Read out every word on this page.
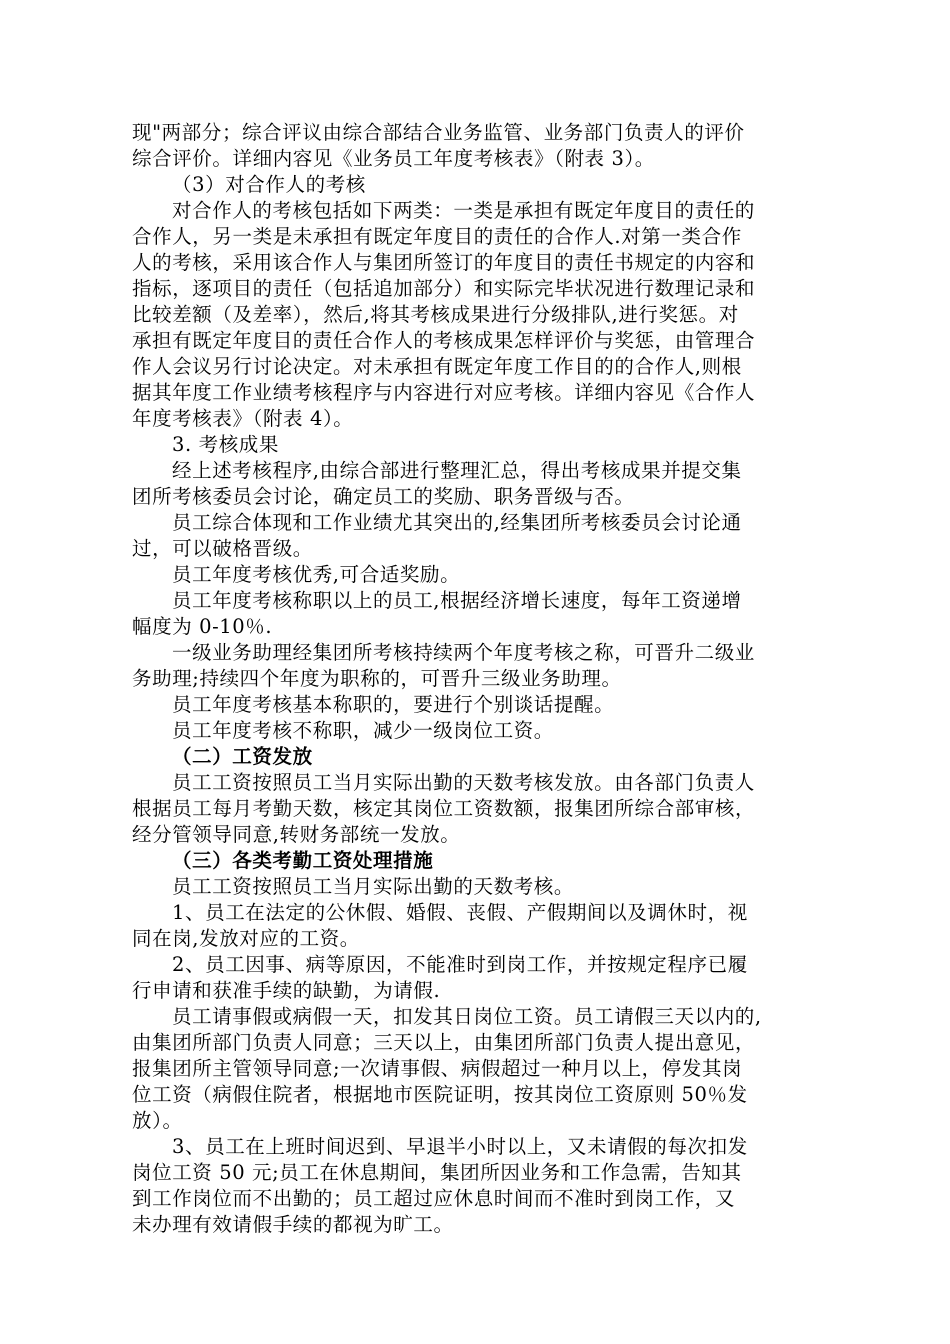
现"两部分；综合评议由综合部结合业务监管、业务部门负责人的评价
综合评价。详细内容见《业务员工年度考核表》（附表 3）。
（3）对合作人的考核
对合作人的考核包括如下两类：一类是承担有既定年度目的责任的
合作人，另一类是未承担有既定年度目的责任的合作人.对第一类合作
人的考核，采用该合作人与集团所签订的年度目的责任书规定的内容和
指标，逐项目的责任（包括追加部分）和实际完毕状况进行数理记录和
比较差额（及差率），然后,将其考核成果进行分级排队,进行奖惩。对
承担有既定年度目的责任合作人的考核成果怎样评价与奖惩，由管理合
作人会议另行讨论决定。对未承担有既定年度工作目的的合作人,则根
据其年度工作业绩考核程序与内容进行对应考核。详细内容见《合作人
年度考核表》（附表 4）。
3. 考核成果
经上述考核程序,由综合部进行整理汇总，得出考核成果并提交集
团所考核委员会讨论，确定员工的奖励、职务晋级与否。
员工综合体现和工作业绩尤其突出的,经集团所考核委员会讨论通
过，可以破格晋级。
员工年度考核优秀,可合适奖励。
员工年度考核称职以上的员工,根据经济增长速度，每年工资递增
幅度为 0-10％.
一级业务助理经集团所考核持续两个年度考核之称，可晋升二级业
务助理;持续四个年度为职称的，可晋升三级业务助理。
员工年度考核基本称职的，要进行个别谈话提醒。
员工年度考核不称职，减少一级岗位工资。
（二）工资发放
员工工资按照员工当月实际出勤的天数考核发放。由各部门负责人
根据员工每月考勤天数，核定其岗位工资数额，报集团所综合部审核，
经分管领导同意,转财务部统一发放。
（三）各类考勤工资处理措施
员工工资按照员工当月实际出勤的天数考核。
1、员工在法定的公休假、婚假、丧假、产假期间以及调休时，视
同在岗,发放对应的工资。
2、员工因事、病等原因，不能准时到岗工作，并按规定程序已履
行申请和获准手续的缺勤，为请假.
员工请事假或病假一天，扣发其日岗位工资。员工请假三天以内的,
由集团所部门负责人同意；三天以上，由集团所部门负责人提出意见，
报集团所主管领导同意;一次请事假、病假超过一种月以上，停发其岗
位工资（病假住院者，根据地市医院证明，按其岗位工资原则 50％发
放）。
3、员工在上班时间迟到、早退半小时以上，又未请假的每次扣发
岗位工资 50 元;员工在休息期间，集团所因业务和工作急需，告知其
到工作岗位而不出勤的；员工超过应休息时间而不准时到岗工作，又
未办理有效请假手续的都视为旷工。
